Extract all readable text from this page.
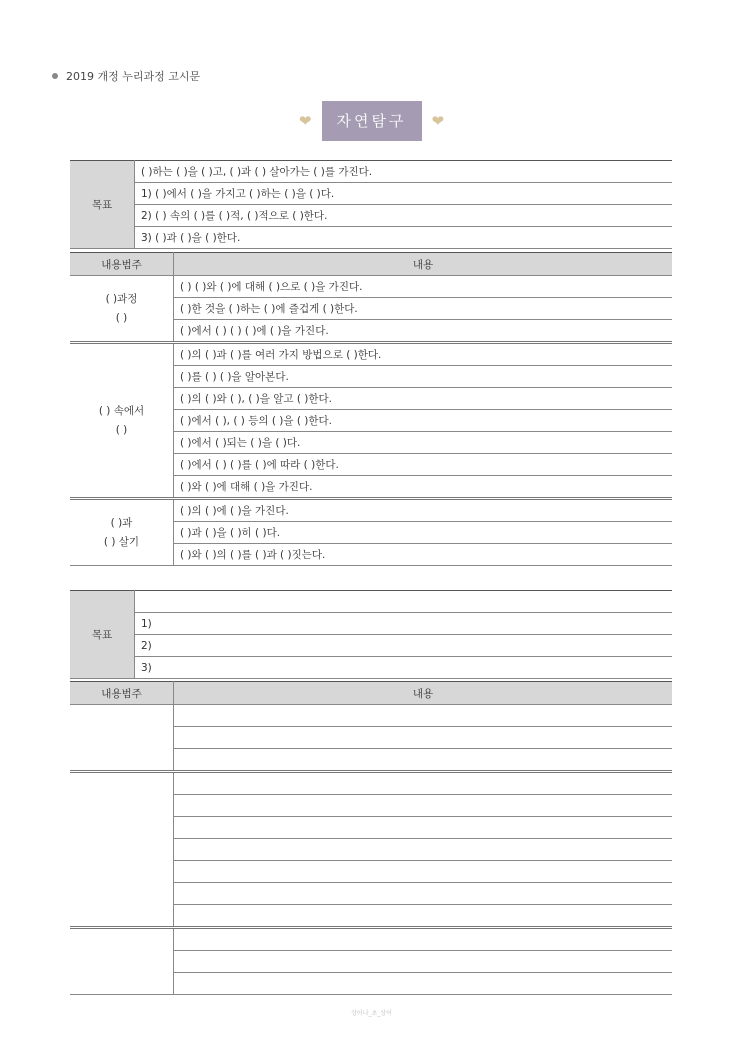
2019 개정 누리과정 고시문
❤	자연탐구	❤
목표	( )하는 ( )을 ( )고, ( )과 ( ) 살아가는 ( )를 가진다.
1) ( )에서 ( )을 가지고 ( )하는 ( )을 ( )다.
2) ( ) 속의 ( )를 ( )적, ( )적으로 ( )한다.
3) ( )과 ( )을 ( )한다.
내용범주	내용

( )과정
( )	( ) ( )와 ( )에 대해 ( )으로 ( )을 가진다.
	( )한 것을 ( )하는 ( )에 즐겁게 ( )한다.
	( )에서 ( ) ( ) ( )에 ( )을 가진다.

( ) 속에서
( )	( )의 ( )과 ( )를 여러 가지 방법으로 ( )한다.
	( )를 ( ) ( )을 알아본다.
	( )의 ( )와 ( ), ( )을 알고 ( )한다.
	( )에서 ( ), ( ) 등의 ( )을 ( )한다.
	( )에서 ( )되는 ( )을 ( )다.
	( )에서 ( ) ( )를 ( )에 따라 ( )한다.
	( )와 ( )에 대해 ( )을 가진다.

( )과
( ) 살기	( )의 ( )에 ( )을 가진다.
	( )과 ( )을 ( )히 ( )다.
	( )와 ( )의 ( )를 ( )과 ( )짓는다.
목표	
1)
2)
3)
내용범주	내용

상어나_초_상어
